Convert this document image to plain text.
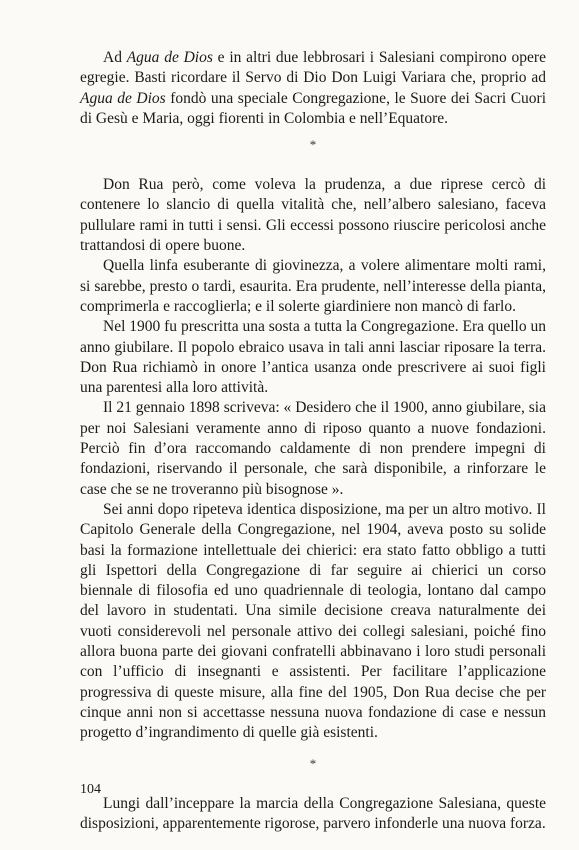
Ad Agua de Dios e in altri due lebbrosari i Salesiani compirono opere egregie. Basti ricordare il Servo di Dio Don Luigi Variara che, proprio ad Agua de Dios fondò una speciale Congregazione, le Suore dei Sacri Cuori di Gesù e Maria, oggi fiorenti in Colombia e nell’Equatore.

*

Don Rua però, come voleva la prudenza, a due riprese cercò di contenere lo slancio di quella vitalità che, nell’albero salesiano, faceva pullulare rami in tutti i sensi. Gli eccessi possono riuscire pericolosi anche trattandosi di opere buone.

Quella linfa esuberante di giovinezza, a volere alimentare molti rami, si sarebbe, presto o tardi, esaurita. Era prudente, nell’interesse della pianta, comprimerla e raccoglierla; e il solerte giardiniere non mancò di farlo.

Nel 1900 fu prescritta una sosta a tutta la Congregazione. Era quello un anno giubilare. Il popolo ebraico usava in tali anni lasciar riposare la terra. Don Rua richiamò in onore l’antica usanza onde prescrivere ai suoi figli una parentesi alla loro attività.

Il 21 gennaio 1898 scriveva: « Desidero che il 1900, anno giubilare, sia per noi Salesiani veramente anno di riposo quanto a nuove fondazioni. Perciò fin d’ora raccomando caldamente di non prendere impegni di fondazioni, riservando il personale, che sarà disponibile, a rinforzare le case che se ne troveranno più bisognose ».

Sei anni dopo ripeteva identica disposizione, ma per un altro motivo. Il Capitolo Generale della Congregazione, nel 1904, aveva posto su solide basi la formazione intellettuale dei chierici: era stato fatto obbligo a tutti gli Ispettori della Congregazione di far seguire ai chierici un corso biennale di filosofia ed uno quadriennale di teologia, lontano dal campo del lavoro in studentati. Una simile decisione creava naturalmente dei vuoti considerevoli nel personale attivo dei collegi salesiani, poiché fino allora buona parte dei giovani confratelli abbinavano i loro studi personali con l’ufficio di insegnanti e assistenti. Per facilitare l’applicazione progressiva di queste misure, alla fine del 1905, Don Rua decise che per cinque anni non si accettasse nessuna nuova fondazione di case e nessun progetto d’ingrandimento di quelle già esistenti.

*

Lungi dall’inceppare la marcia della Congregazione Salesiana, queste disposizioni, apparentemente rigorose, parvero infonderle una nuova forza.

104
